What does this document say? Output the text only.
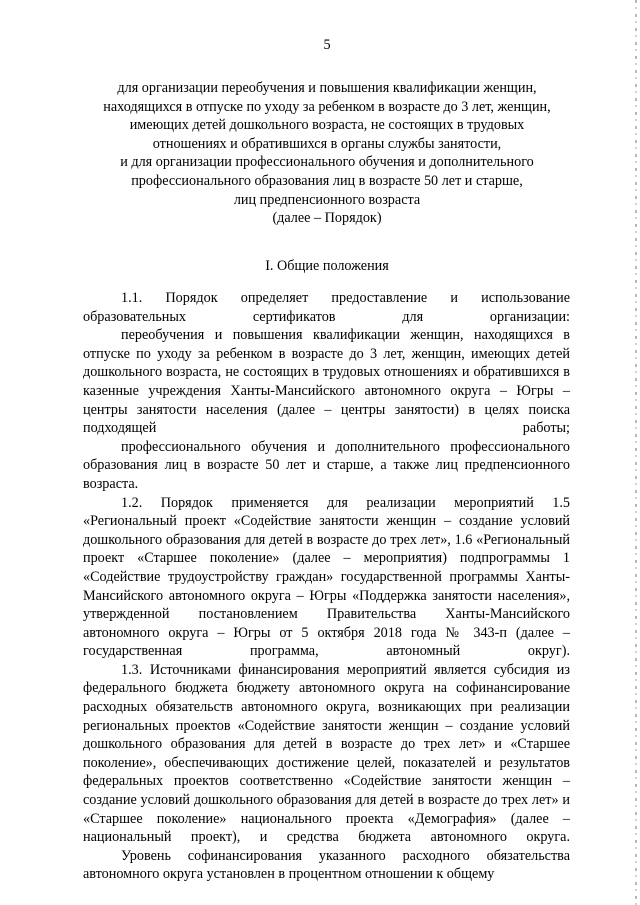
5
для организации переобучения и повышения квалификации женщин,
находящихся в отпуске по уходу за ребенком в возрасте до 3 лет, женщин,
имеющих детей дошкольного возраста, не состоящих в трудовых
отношениях и обратившихся в органы службы занятости,
и для организации профессионального обучения и дополнительного
профессионального образования лиц в возрасте 50 лет и старше,
лиц предпенсионного возраста
(далее – Порядок)
I. Общие положения
1.1. Порядок определяет предоставление и использование образовательных сертификатов для организации:
переобучения и повышения квалификации женщин, находящихся в отпуске по уходу за ребенком в возрасте до 3 лет, женщин, имеющих детей дошкольного возраста, не состоящих в трудовых отношениях и обратившихся в казенные учреждения Ханты-Мансийского автономного округа – Югры – центры занятости населения (далее – центры занятости) в целях поиска подходящей работы;
профессионального обучения и дополнительного профессионального образования лиц в возрасте 50 лет и старше, а также лиц предпенсионного возраста.
1.2. Порядок применяется для реализации мероприятий 1.5 «Региональный проект «Содействие занятости женщин – создание условий дошкольного образования для детей в возрасте до трех лет», 1.6 «Региональный проект «Старшее поколение» (далее – мероприятия) подпрограммы 1 «Содействие трудоустройству граждан» государственной программы Ханты-Мансийского автономного округа – Югры «Поддержка занятости населения», утвержденной постановлением Правительства Ханты-Мансийского автономного округа – Югры от 5 октября 2018 года № 343-п (далее – государственная программа, автономный округ).
1.3. Источниками финансирования мероприятий является субсидия из федерального бюджета бюджету автономного округа на софинансирование расходных обязательств автономного округа, возникающих при реализации региональных проектов «Содействие занятости женщин – создание условий дошкольного образования для детей в возрасте до трех лет» и «Старшее поколение», обеспечивающих достижение целей, показателей и результатов федеральных проектов соответственно «Содействие занятости женщин – создание условий дошкольного образования для детей в возрасте до трех лет» и «Старшее поколение» национального проекта «Демография» (далее – национальный проект), и средства бюджета автономного округа.
Уровень софинансирования указанного расходного обязательства автономного округа установлен в процентном отношении к общему
